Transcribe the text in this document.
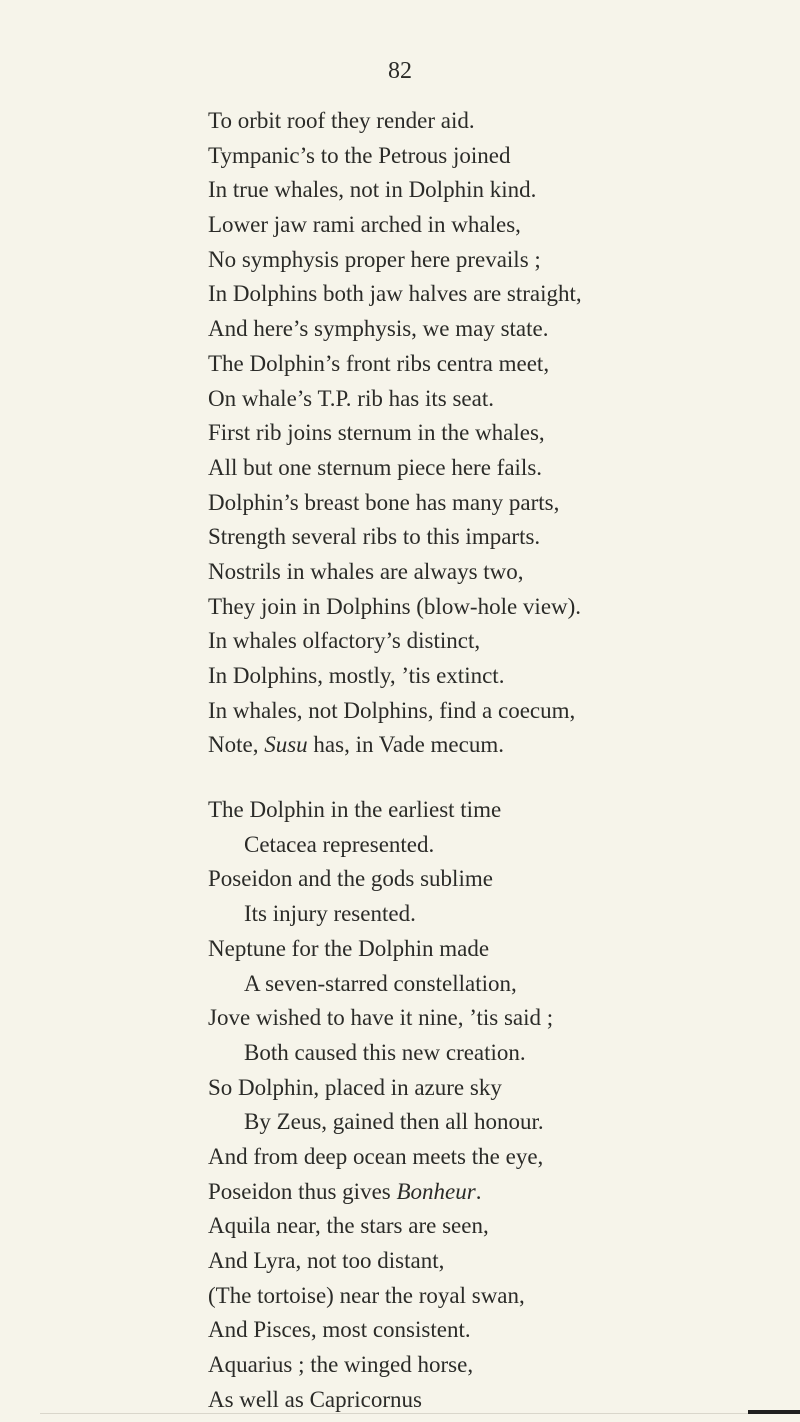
82
To orbit roof they render aid.
Tympanic’s to the Petrous joined
In true whales, not in Dolphin kind.
Lower jaw rami arched in whales,
No symphysis proper here prevails ;
In Dolphins both jaw halves are straight,
And here’s symphysis, we may state.
The Dolphin’s front ribs centra meet,
On whale’s T.P. rib has its seat.
First rib joins sternum in the whales,
All but one sternum piece here fails.
Dolphin’s breast bone has many parts,
Strength several ribs to this imparts.
Nostrils in whales are always two,
They join in Dolphins (blow-hole view).
In whales olfactory’s distinct,
In Dolphins, mostly, ’tis extinct.
In whales, not Dolphins, find a coecum,
Note, Susu has, in Vade mecum.
The Dolphin in the earliest time
Cetacea represented.
Poseidon and the gods sublime
Its injury resented.
Neptune for the Dolphin made
A seven-starred constellation,
Jove wished to have it nine, ’tis said ;
Both caused this new creation.
So Dolphin, placed in azure sky
By Zeus, gained then all honour.
And from deep ocean meets the eye,
Poseidon thus gives Bonheur.
Aquila near, the stars are seen,
And Lyra, not too distant,
(The tortoise) near the royal swan,
And Pisces, most consistent.
Aquarius ; the winged horse,
As well as Capricornus
